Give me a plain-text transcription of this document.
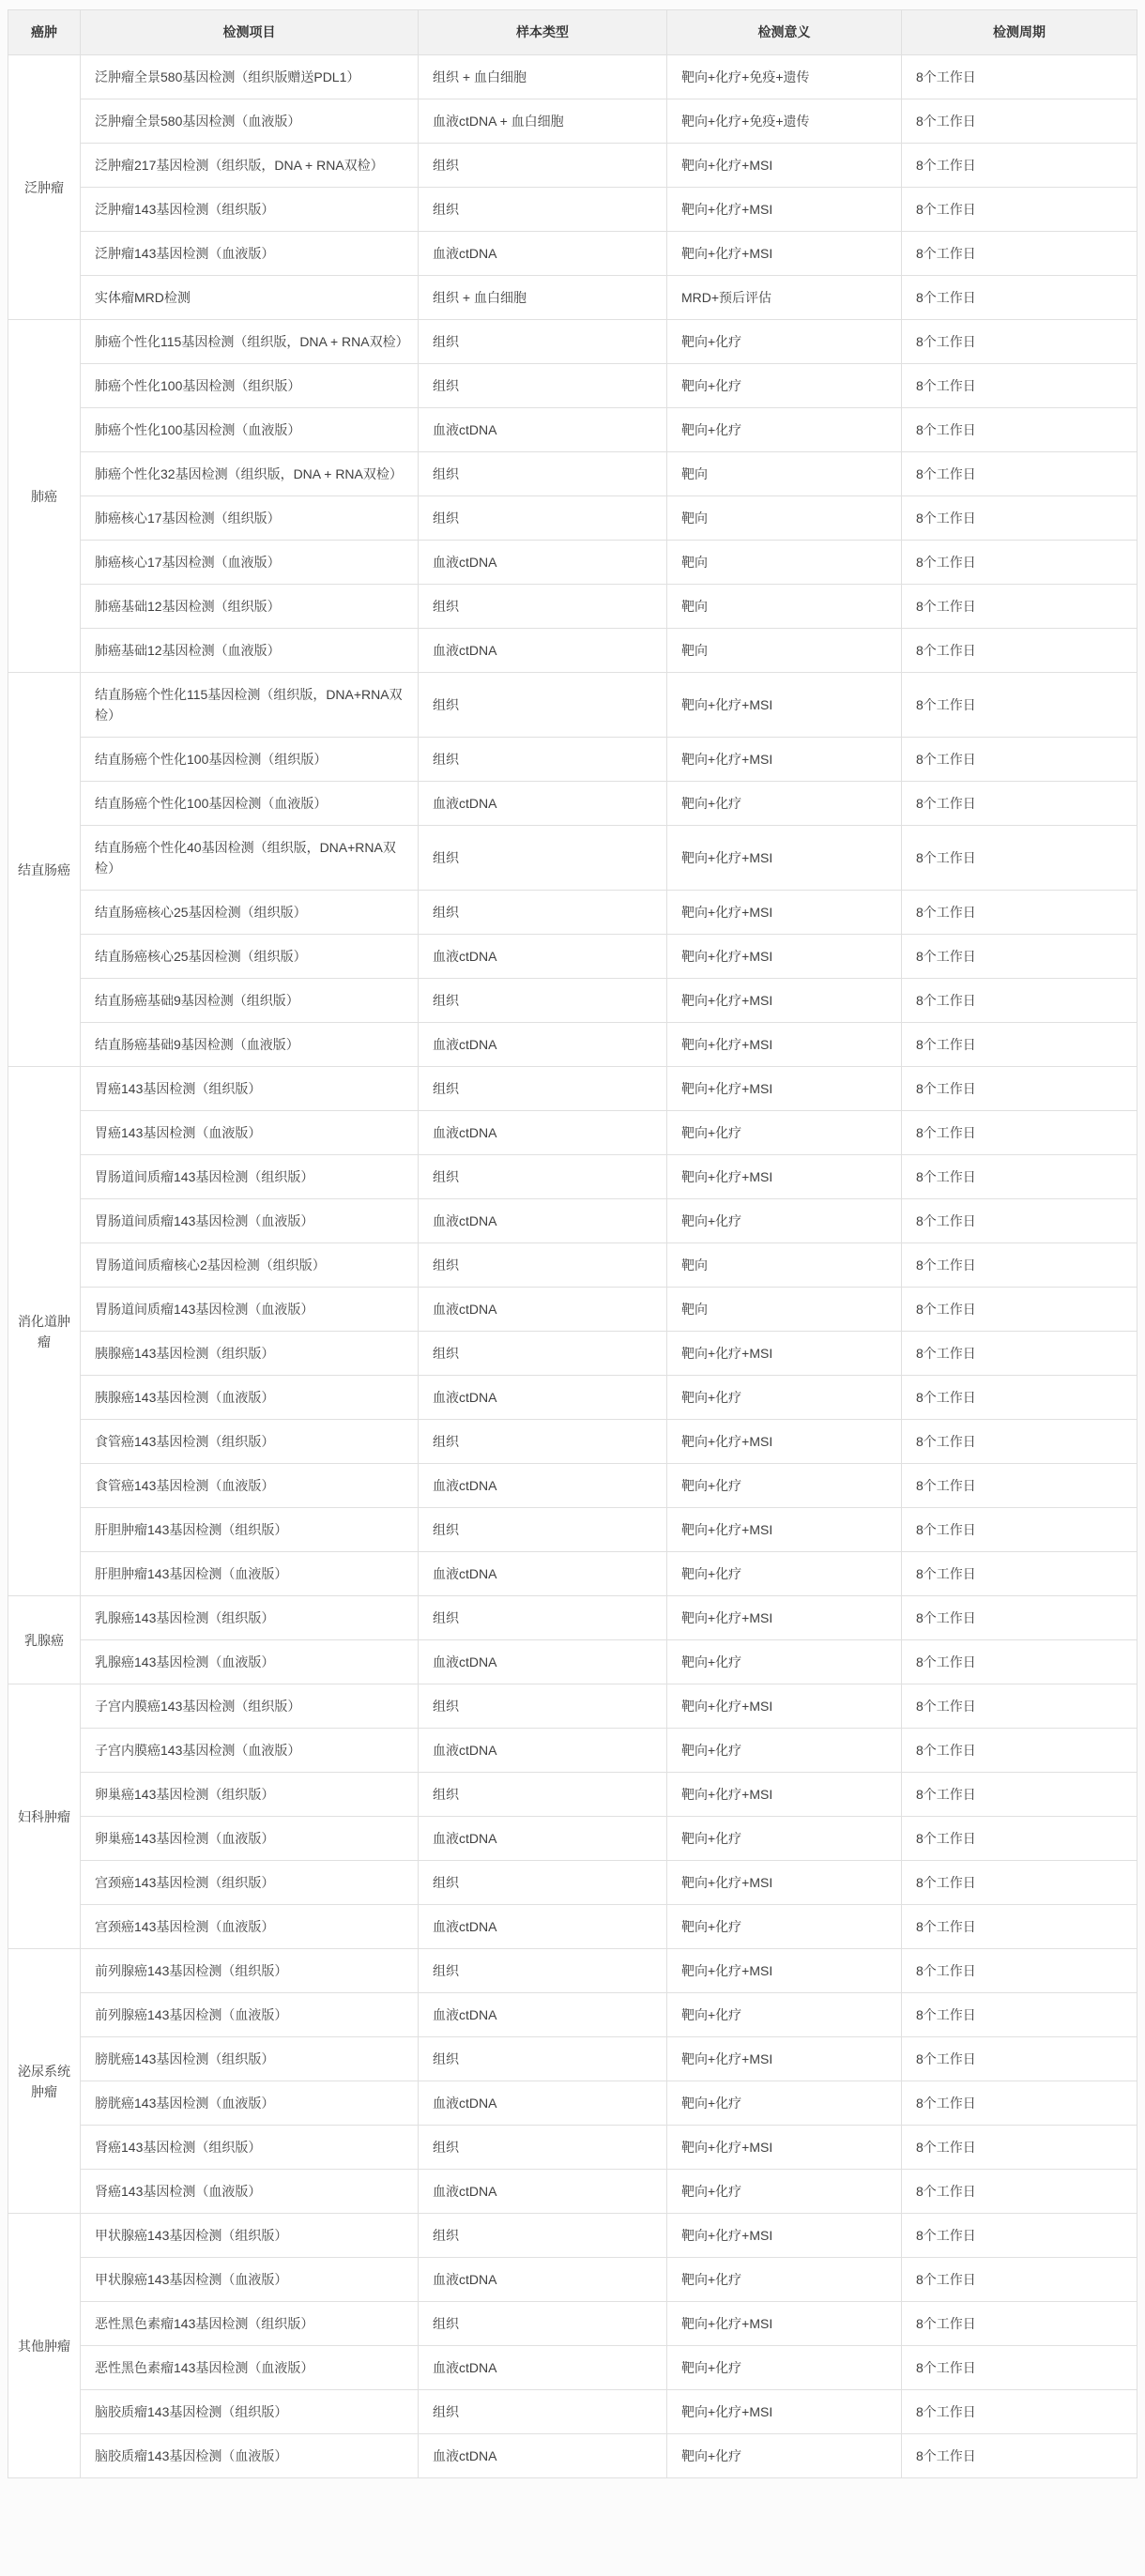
癌肿	检测项目	样本类型	检测意义	检测周期
泛肿瘤	泛肿瘤全景580基因检测（组织版赠送PDL1）	组织 + 血白细胞	靶向+化疗+免疫+遗传	8个工作日
	泛肿瘤全景580基因检测（血液版）	血液ctDNA + 血白细胞	靶向+化疗+免疫+遗传	8个工作日
	泛肿瘤217基因检测（组织版，DNA + RNA双检）	组织	靶向+化疗+MSI	8个工作日
	泛肿瘤143基因检测（组织版）	组织	靶向+化疗+MSI	8个工作日
	泛肿瘤143基因检测（血液版）	血液ctDNA	靶向+化疗+MSI	8个工作日
	实体瘤MRD检测	组织 + 血白细胞	MRD+预后评估	8个工作日
肺癌	肺癌个性化115基因检测（组织版，DNA + RNA双检）	组织	靶向+化疗	8个工作日
	肺癌个性化100基因检测（组织版）	组织	靶向+化疗	8个工作日
	肺癌个性化100基因检测（血液版）	血液ctDNA	靶向+化疗	8个工作日
	肺癌个性化32基因检测（组织版，DNA + RNA双检）	组织	靶向	8个工作日
	肺癌核心17基因检测（组织版）	组织	靶向	8个工作日
	肺癌核心17基因检测（血液版）	血液ctDNA	靶向	8个工作日
	肺癌基础12基因检测（组织版）	组织	靶向	8个工作日
	肺癌基础12基因检测（血液版）	血液ctDNA	靶向	8个工作日
结直肠癌	结直肠癌个性化115基因检测（组织版，DNA+RNA双检）	组织	靶向+化疗+MSI	8个工作日
	结直肠癌个性化100基因检测（组织版）	组织	靶向+化疗+MSI	8个工作日
	结直肠癌个性化100基因检测（血液版）	血液ctDNA	靶向+化疗	8个工作日
	结直肠癌个性化40基因检测（组织版，DNA+RNA双检）	组织	靶向+化疗+MSI	8个工作日
	结直肠癌核心25基因检测（组织版）	组织	靶向+化疗+MSI	8个工作日
	结直肠癌核心25基因检测（组织版）	血液ctDNA	靶向+化疗+MSI	8个工作日
	结直肠癌基础9基因检测（组织版）	组织	靶向+化疗+MSI	8个工作日
	结直肠癌基础9基因检测（血液版）	血液ctDNA	靶向+化疗+MSI	8个工作日
消化道肿瘤	胃癌143基因检测（组织版）	组织	靶向+化疗+MSI	8个工作日
	胃癌143基因检测（血液版）	血液ctDNA	靶向+化疗	8个工作日
	胃肠道间质瘤143基因检测（组织版）	组织	靶向+化疗+MSI	8个工作日
	胃肠道间质瘤143基因检测（血液版）	血液ctDNA	靶向+化疗	8个工作日
	胃肠道间质瘤核心2基因检测（组织版）	组织	靶向	8个工作日
	胃肠道间质瘤143基因检测（血液版）	血液ctDNA	靶向	8个工作日
	胰腺癌143基因检测（组织版）	组织	靶向+化疗+MSI	8个工作日
	胰腺癌143基因检测（血液版）	血液ctDNA	靶向+化疗	8个工作日
	食管癌143基因检测（组织版）	组织	靶向+化疗+MSI	8个工作日
	食管癌143基因检测（血液版）	血液ctDNA	靶向+化疗	8个工作日
	肝胆肿瘤143基因检测（组织版）	组织	靶向+化疗+MSI	8个工作日
	肝胆肿瘤143基因检测（血液版）	血液ctDNA	靶向+化疗	8个工作日
乳腺癌	乳腺癌143基因检测（组织版）	组织	靶向+化疗+MSI	8个工作日
	乳腺癌143基因检测（血液版）	血液ctDNA	靶向+化疗	8个工作日
妇科肿瘤	子宫内膜癌143基因检测（组织版）	组织	靶向+化疗+MSI	8个工作日
	子宫内膜癌143基因检测（血液版）	血液ctDNA	靶向+化疗	8个工作日
	卵巢癌143基因检测（组织版）	组织	靶向+化疗+MSI	8个工作日
	卵巢癌143基因检测（血液版）	血液ctDNA	靶向+化疗	8个工作日
	宫颈癌143基因检测（组织版）	组织	靶向+化疗+MSI	8个工作日
	宫颈癌143基因检测（血液版）	血液ctDNA	靶向+化疗	8个工作日
泌尿系统肿瘤	前列腺癌143基因检测（组织版）	组织	靶向+化疗+MSI	8个工作日
	前列腺癌143基因检测（血液版）	血液ctDNA	靶向+化疗	8个工作日
	膀胱癌143基因检测（组织版）	组织	靶向+化疗+MSI	8个工作日
	膀胱癌143基因检测（血液版）	血液ctDNA	靶向+化疗	8个工作日
	肾癌143基因检测（组织版）	组织	靶向+化疗+MSI	8个工作日
	肾癌143基因检测（血液版）	血液ctDNA	靶向+化疗	8个工作日
其他肿瘤	甲状腺癌143基因检测（组织版）	组织	靶向+化疗+MSI	8个工作日
	甲状腺癌143基因检测（血液版）	血液ctDNA	靶向+化疗	8个工作日
	恶性黑色素瘤143基因检测（组织版）	组织	靶向+化疗+MSI	8个工作日
	恶性黑色素瘤143基因检测（血液版）	血液ctDNA	靶向+化疗	8个工作日
	脑胶质瘤143基因检测（组织版）	组织	靶向+化疗+MSI	8个工作日
	脑胶质瘤143基因检测（血液版）	血液ctDNA	靶向+化疗	8个工作日
